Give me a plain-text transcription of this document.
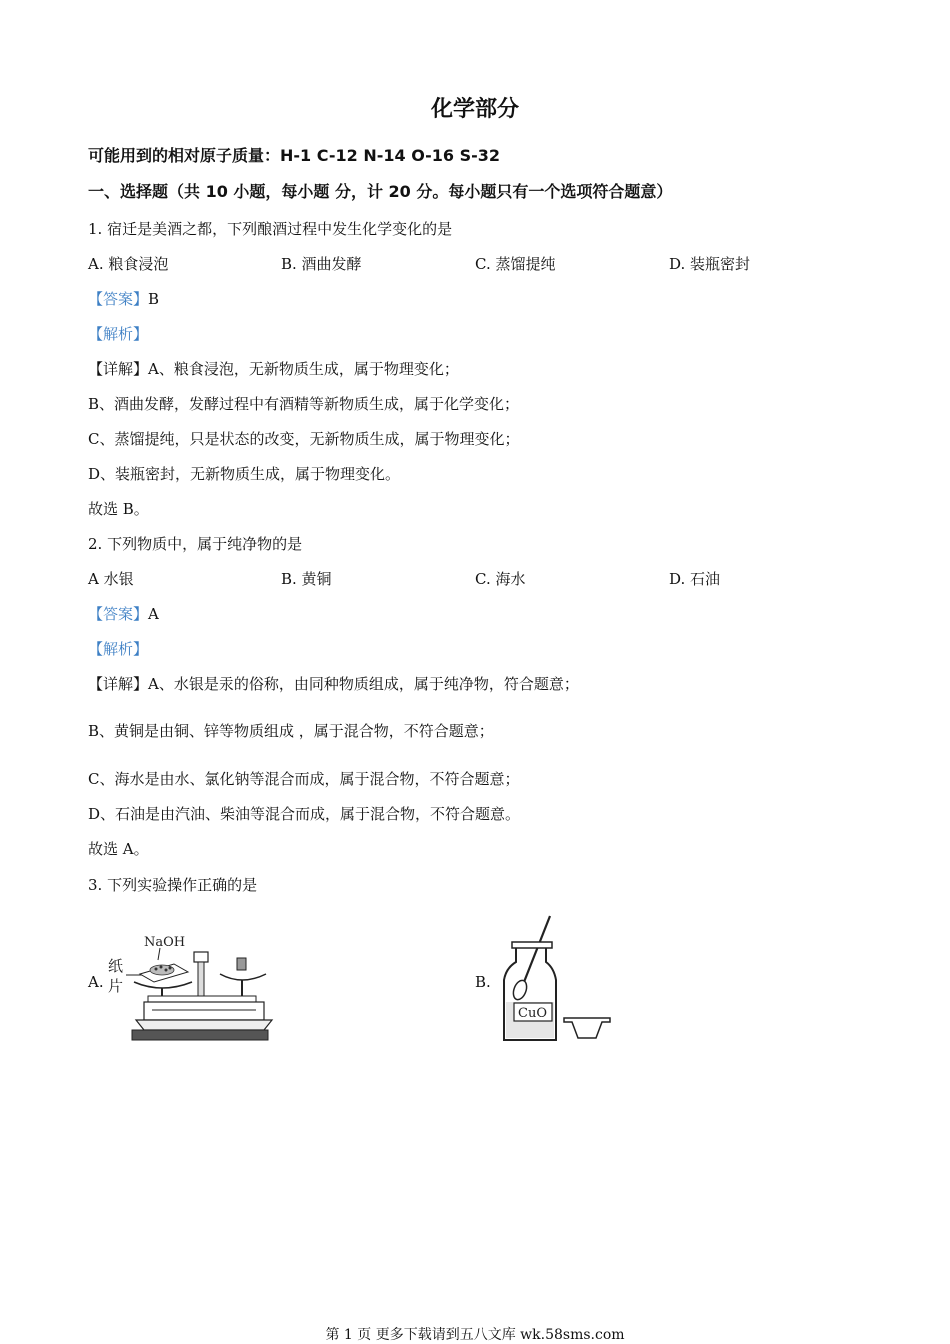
化学部分
可能用到的相对原子质量：H-1 C-12 N-14 O-16 S-32
一、选择题（共 10 小题，每小题 分，计 20 分。每小题只有一个选项符合题意）
1. 宿迁是美酒之都，下列酿酒过程中发生化学变化的是
A. 粮食浸泡	B. 酒曲发酵	C. 蒸馏提纯	D. 装瓶密封
【答案】B
【解析】
【详解】A、粮食浸泡，无新物质生成，属于物理变化；
B、酒曲发酵，发酵过程中有酒精等新物质生成，属于化学变化；
C、蒸馏提纯，只是状态的改变，无新物质生成，属于物理变化；
D、装瓶密封，无新物质生成，属于物理变化。
故选 B。
2. 下列物质中，属于纯净物的是
A 水银	B. 黄铜	C. 海水	D. 石油
【答案】A
【解析】
【详解】A、水银是汞的俗称，由同种物质组成，属于纯净物，符合题意；
B、黄铜是由铜、锌等物质组成 ，属于混合物，不符合题意；
C、海水是由水、氯化钠等混合而成，属于混合物，不符合题意；
D、石油是由汽油、柴油等混合而成，属于混合物，不符合题意。
故选 A。
3. 下列实验操作正确的是
A.	B.
NaOH
纸
片
CuO
第 1 页 更多下载请到五八文库 wk.58sms.com
